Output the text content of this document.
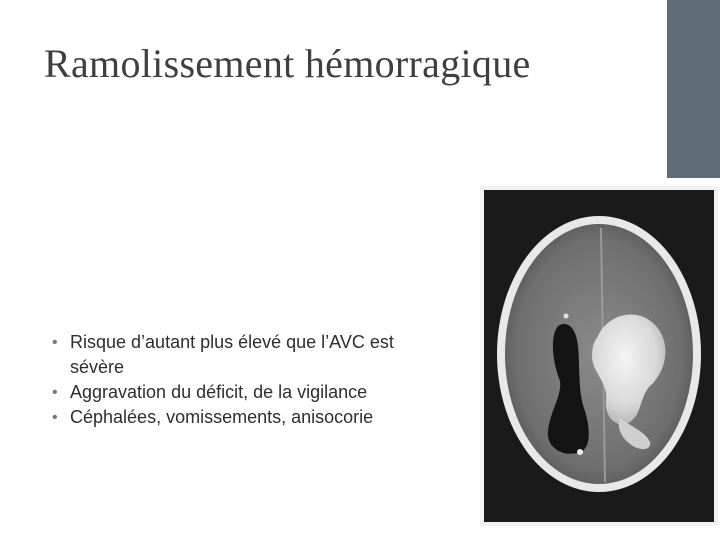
Ramolissement hémorragique
• Risque d’autant plus élevé que l’AVC est sévère
• Aggravation du déficit, de la vigilance
• Céphalées, vomissements, anisocorie
